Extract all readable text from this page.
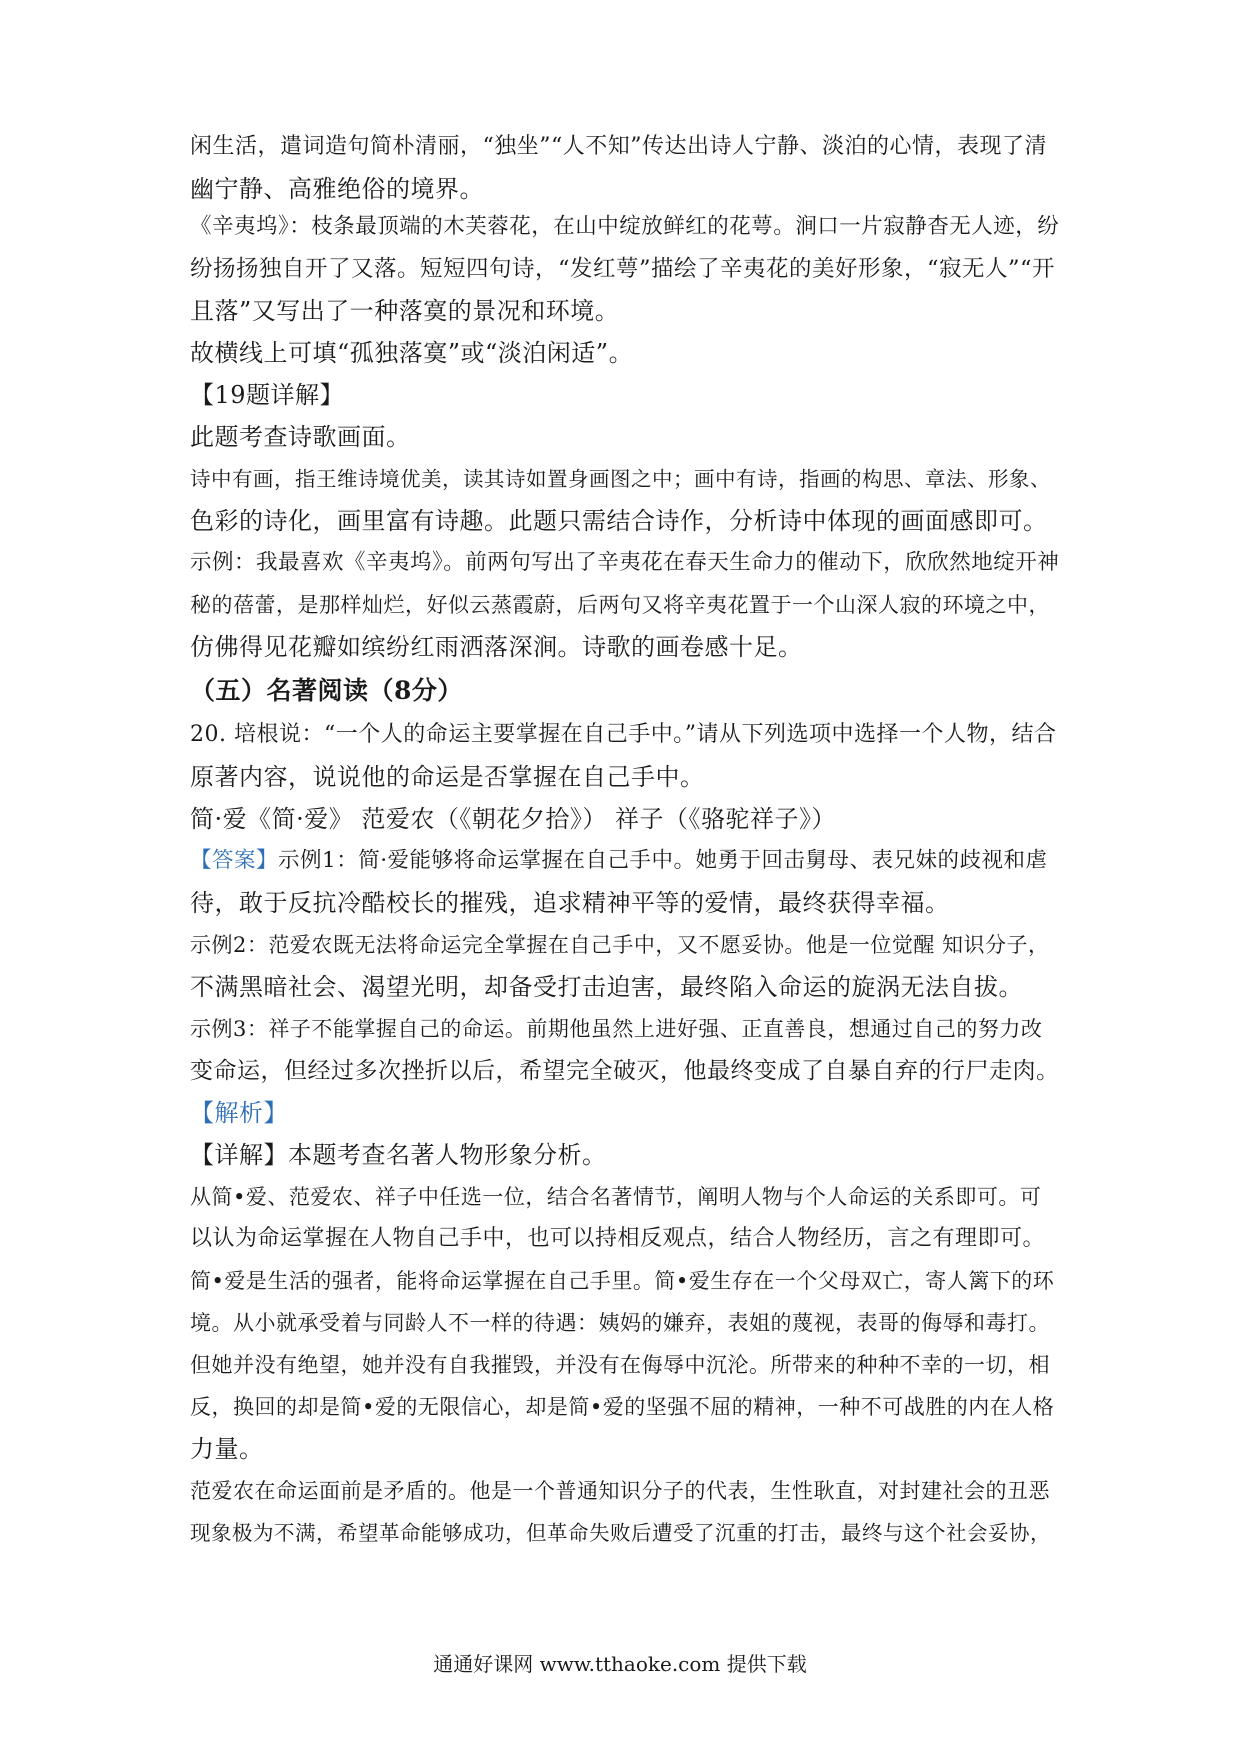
闲生活，遣词造句简朴清丽，“独坐”“人不知”传达出诗人宁静、淡泊的心情，表现了清
幽宁静、高雅绝俗的境界。
《辛夷坞》：枝条最顶端的木芙蓉花，在山中绽放鲜红的花萼。涧口一片寂静杳无人迹，纷
纷扬扬独自开了又落。短短四句诗，“发红萼”描绘了辛夷花的美好形象，“寂无人”“开
且落”又写出了一种落寞的景况和环境。
故横线上可填“孤独落寞”或“淡泊闲适”。
【19题详解】
此题考查诗歌画面。
诗中有画，指王维诗境优美，读其诗如置身画图之中；画中有诗，指画的构思、章法、形象、
色彩的诗化，画里富有诗趣。此题只需结合诗作，分析诗中体现的画面感即可。
示例：我最喜欢《辛夷坞》。前两句写出了辛夷花在春天生命力的催动下，欣欣然地绽开神
秘的蓓蕾，是那样灿烂，好似云蒸霞蔚，后两句又将辛夷花置于一个山深人寂的环境之中，
仿佛得见花瓣如缤纷红雨洒落深涧。诗歌的画卷感十足。
（五）名著阅读（8分）
20. 培根说：“一个人的命运主要掌握在自己手中。”请从下列选项中选择一个人物，结合
原著内容，说说他的命运是否掌握在自己手中。
简·爱《简·爱》 范爱农（《朝花夕拾》） 祥子（《骆驼祥子》）
【答案】示例1：简·爱能够将命运掌握在自己手中。她勇于回击舅母、表兄妹的歧视和虐
待，敢于反抗冷酷校长的摧残，追求精神平等的爱情，最终获得幸福。
示例2：范爱农既无法将命运完全掌握在自己手中，又不愿妥协。他是一位觉醒 知识分子，
不满黑暗社会、渴望光明，却备受打击迫害，最终陷入命运的旋涡无法自拔。
示例3：祥子不能掌握自己的命运。前期他虽然上进好强、正直善良，想通过自己的努力改
变命运，但经过多次挫折以后，希望完全破灭，他最终变成了自暴自弃的行尸走肉。
【解析】
【详解】本题考查名著人物形象分析。
从简•爱、范爱农、祥子中任选一位，结合名著情节，阐明人物与个人命运的关系即可。可
以认为命运掌握在人物自己手中，也可以持相反观点，结合人物经历，言之有理即可。
简•爱是生活的强者，能将命运掌握在自己手里。简•爱生存在一个父母双亡，寄人篱下的环
境。从小就承受着与同龄人不一样的待遇：姨妈的嫌弃，表姐的蔑视，表哥的侮辱和毒打。
但她并没有绝望，她并没有自我摧毁，并没有在侮辱中沉沦。所带来的种种不幸的一切，相
反，换回的却是简•爱的无限信心，却是简•爱的坚强不屈的精神，一种不可战胜的内在人格
力量。
范爱农在命运面前是矛盾的。他是一个普通知识分子的代表，生性耿直，对封建社会的丑恶
现象极为不满，希望革命能够成功，但革命失败后遭受了沉重的打击，最终与这个社会妥协，
通通好课网 www.tthaoke.com 提供下载
